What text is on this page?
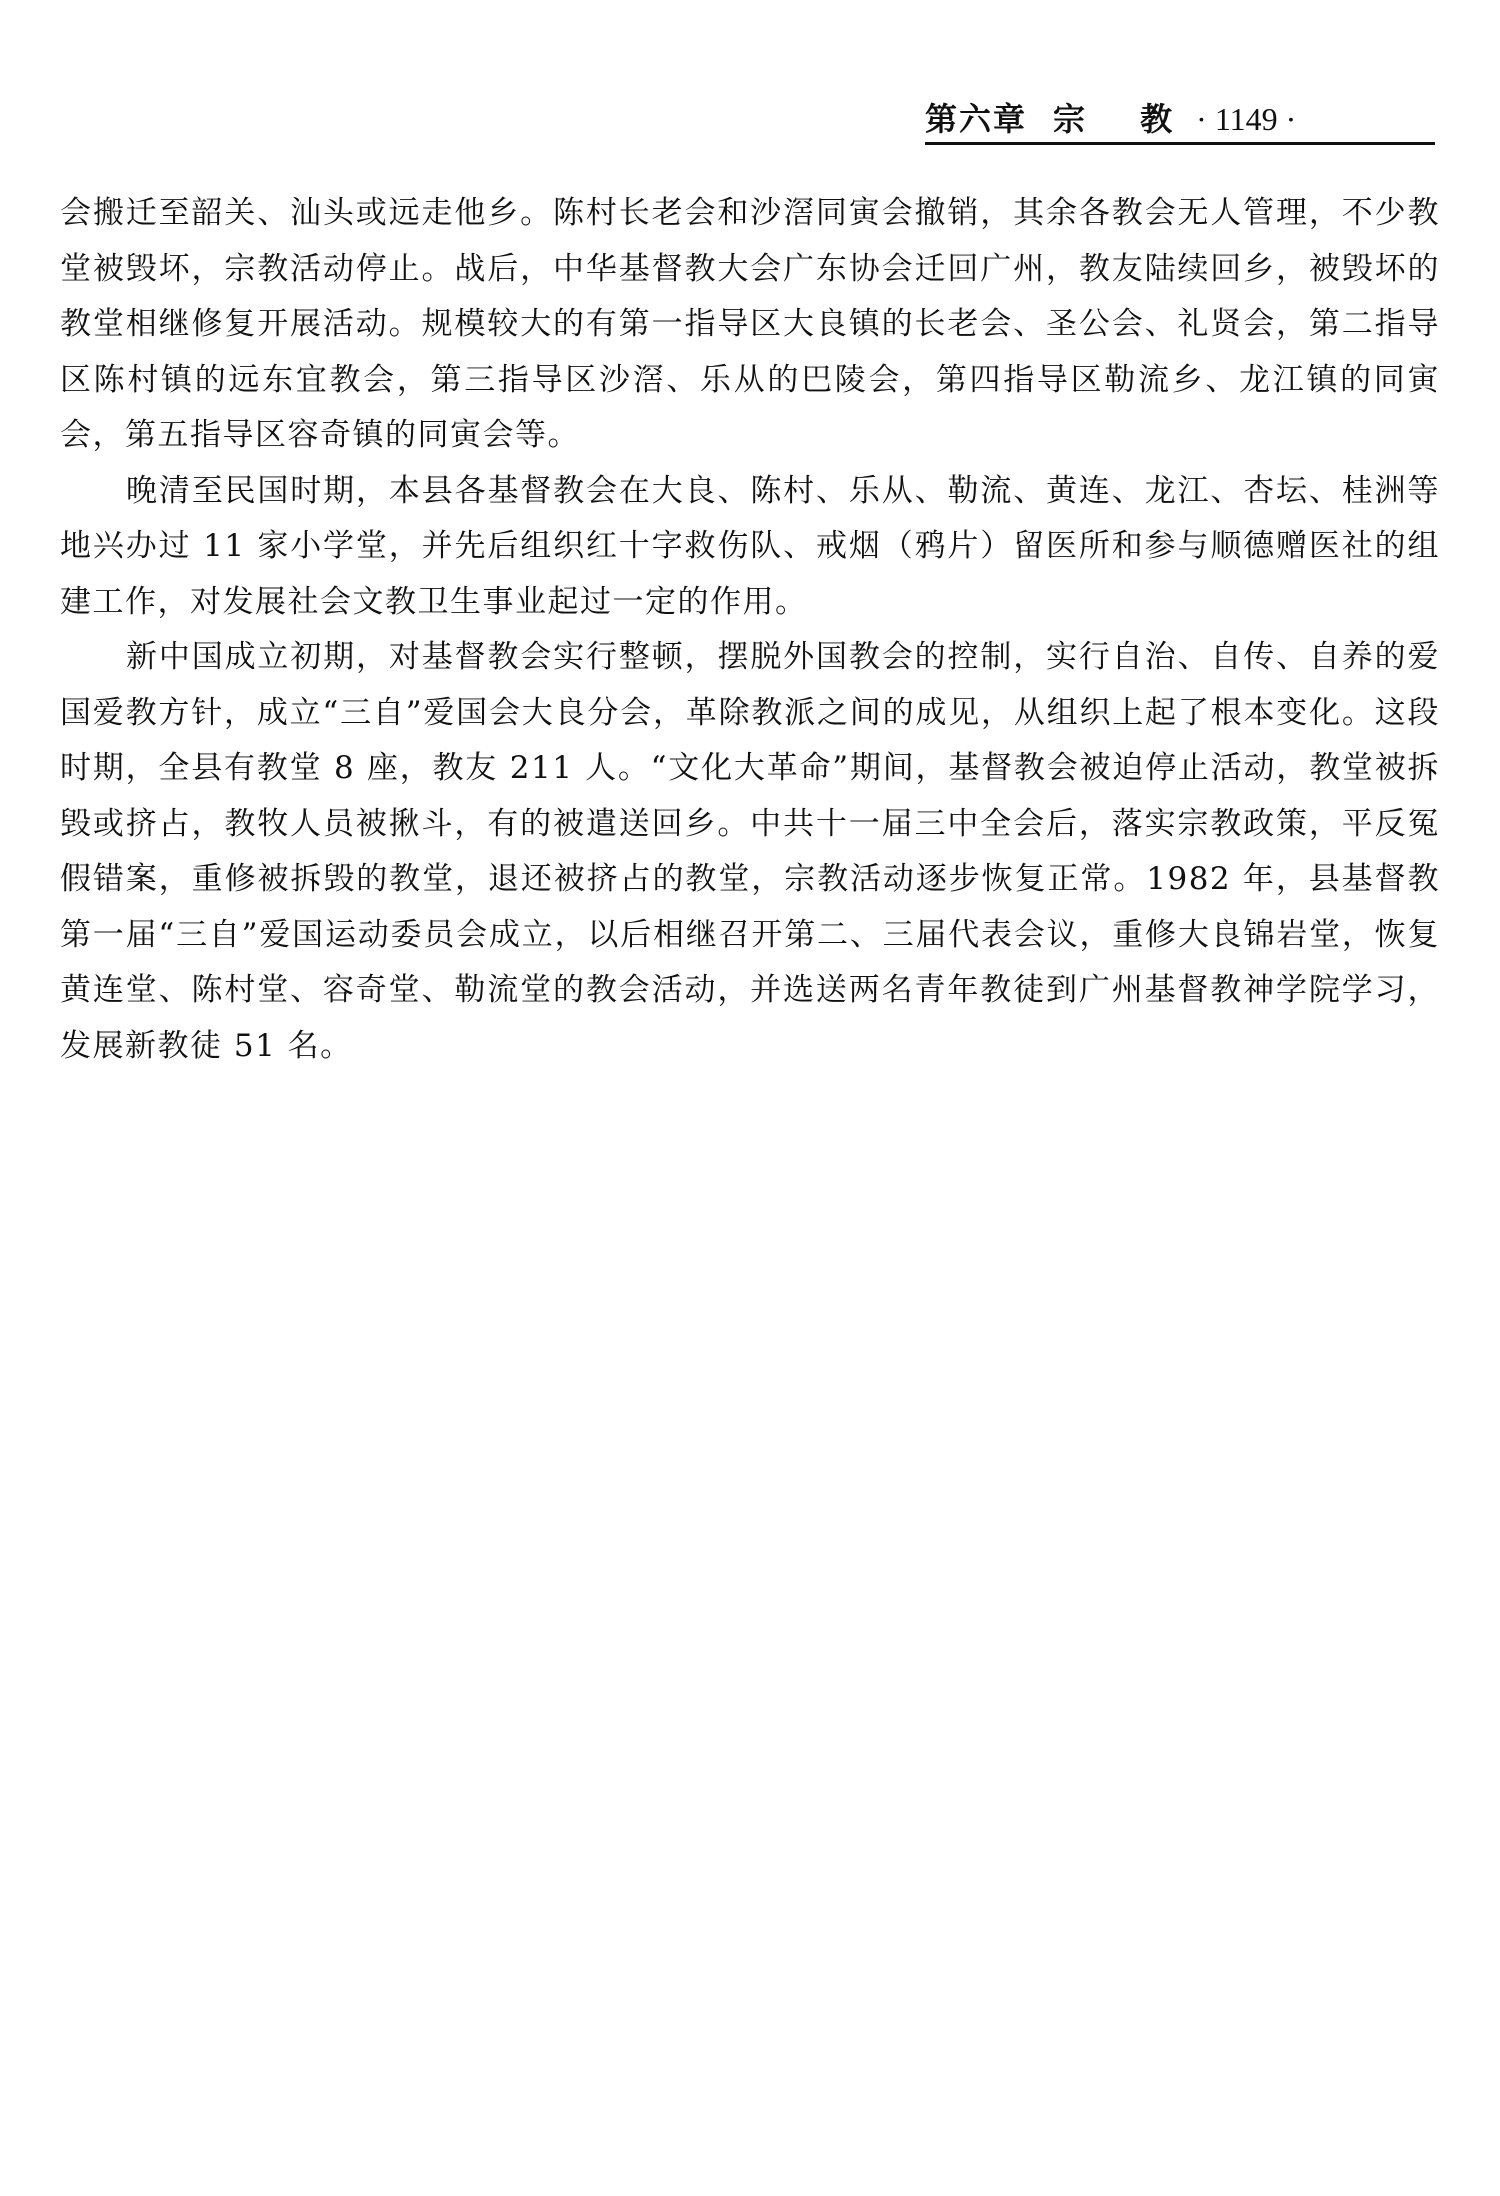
第六章 宗 教· 1149 ·

会搬迁至韶关、汕头或远走他乡。陈村长老会和沙滘同寅会撤销，其余各教会无人管理，不少教堂被毁坏，宗教活动停止。战后，中华基督教大会广东协会迁回广州，教友陆续回乡，被毁坏的教堂相继修复开展活动。规模较大的有第一指导区大良镇的长老会、圣公会、礼贤会，第二指导区陈村镇的远东宜教会，第三指导区沙滘、乐从的巴陵会，第四指导区勒流乡、龙江镇的同寅会，第五指导区容奇镇的同寅会等。

晚清至民国时期，本县各基督教会在大良、陈村、乐从、勒流、黄连、龙江、杏坛、桂洲等地兴办过 11 家小学堂，并先后组织红十字救伤队、戒烟（鸦片）留医所和参与顺德赠医社的组建工作，对发展社会文教卫生事业起过一定的作用。

新中国成立初期，对基督教会实行整顿，摆脱外国教会的控制，实行自治、自传、自养的爱国爱教方针，成立“三自”爱国会大良分会，革除教派之间的成见，从组织上起了根本变化。这段时期，全县有教堂 8 座，教友 211 人。“文化大革命”期间，基督教会被迫停止活动，教堂被拆毁或挤占，教牧人员被揪斗，有的被遣送回乡。中共十一届三中全会后，落实宗教政策，平反冤假错案，重修被拆毁的教堂，退还被挤占的教堂，宗教活动逐步恢复正常。1982 年，县基督教第一届“三自”爱国运动委员会成立，以后相继召开第二、三届代表会议，重修大良锦岩堂，恢复黄连堂、陈村堂、容奇堂、勒流堂的教会活动，并选送两名青年教徒到广州基督教神学院学习，发展新教徒 51 名。
